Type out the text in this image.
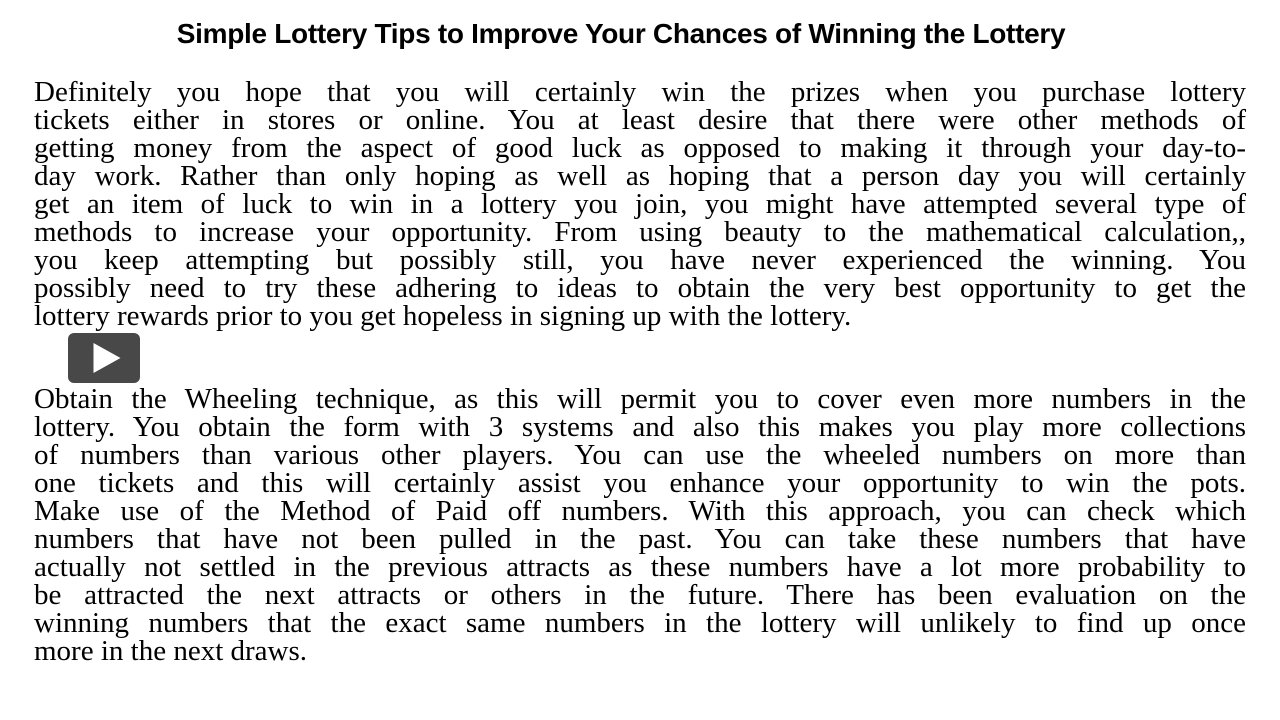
Simple Lottery Tips to Improve Your Chances of Winning the Lottery
Definitely you hope that you will certainly win the prizes when you purchase lottery
tickets either in stores or online. You at least desire that there were other methods of
getting money from the aspect of good luck as opposed to making it through your day-to-
day work. Rather than only hoping as well as hoping that a person day you will certainly
get an item of luck to win in a lottery you join, you might have attempted several type of
methods to increase your opportunity. From using beauty to the mathematical calculation,,
you keep attempting but possibly still, you have never experienced the winning. You
possibly need to try these adhering to ideas to obtain the very best opportunity to get the
lottery rewards prior to you get hopeless in signing up with the lottery.
Obtain the Wheeling technique, as this will permit you to cover even more numbers in the
lottery. You obtain the form with 3 systems and also this makes you play more collections
of numbers than various other players. You can use the wheeled numbers on more than
one tickets and this will certainly assist you enhance your opportunity to win the pots.
Make use of the Method of Paid off numbers. With this approach, you can check which
numbers that have not been pulled in the past. You can take these numbers that have
actually not settled in the previous attracts as these numbers have a lot more probability to
be attracted the next attracts or others in the future. There has been evaluation on the
winning numbers that the exact same numbers in the lottery will unlikely to find up once
more in the next draws.
